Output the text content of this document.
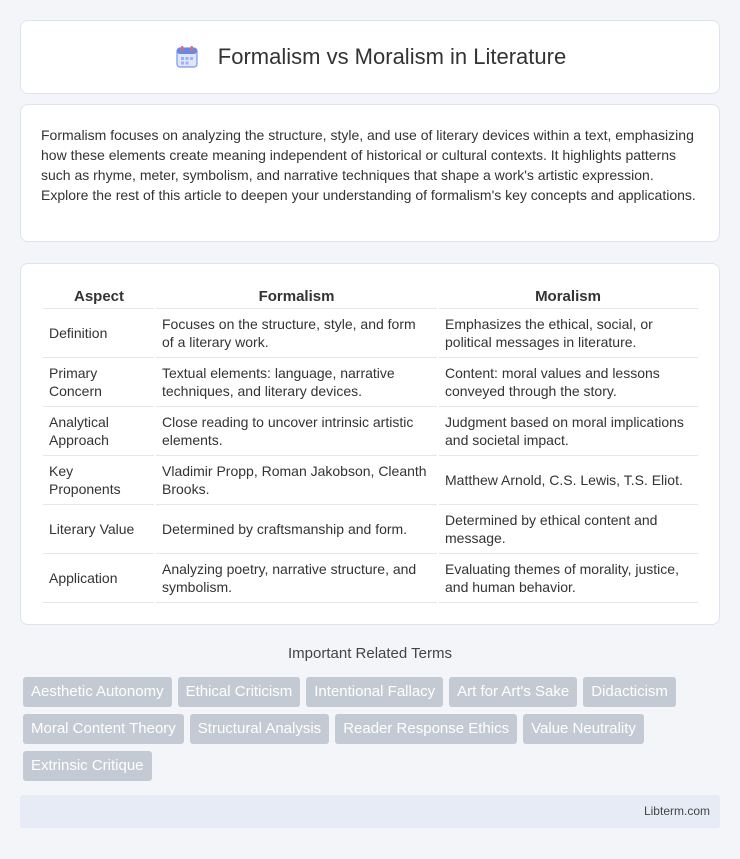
Formalism vs Moralism in Literature

Formalism focuses on analyzing the structure, style, and use of literary devices within a text, emphasizing how these elements create meaning independent of historical or cultural contexts. It highlights patterns such as rhyme, meter, symbolism, and narrative techniques that shape a work's artistic expression. Explore the rest of this article to deepen your understanding of formalism's key concepts and applications.

Aspect	Formalism	Moralism
Definition	Focuses on the structure, style, and form of a literary work.	Emphasizes the ethical, social, or political messages in literature.
Primary Concern	Textual elements: language, narrative techniques, and literary devices.	Content: moral values and lessons conveyed through the story.
Analytical Approach	Close reading to uncover intrinsic artistic elements.	Judgment based on moral implications and societal impact.
Key Proponents	Vladimir Propp, Roman Jakobson, Cleanth Brooks.	Matthew Arnold, C.S. Lewis, T.S. Eliot.
Literary Value	Determined by craftsmanship and form.	Determined by ethical content and message.
Application	Analyzing poetry, narrative structure, and symbolism.	Evaluating themes of morality, justice, and human behavior.
Important Related Terms
Aesthetic Autonomy	Ethical Criticism	Intentional Fallacy	Art for Art's Sake	Didacticism
Moral Content Theory	Structural Analysis	Reader Response Ethics	Value Neutrality
Extrinsic Critique
Libterm.com
